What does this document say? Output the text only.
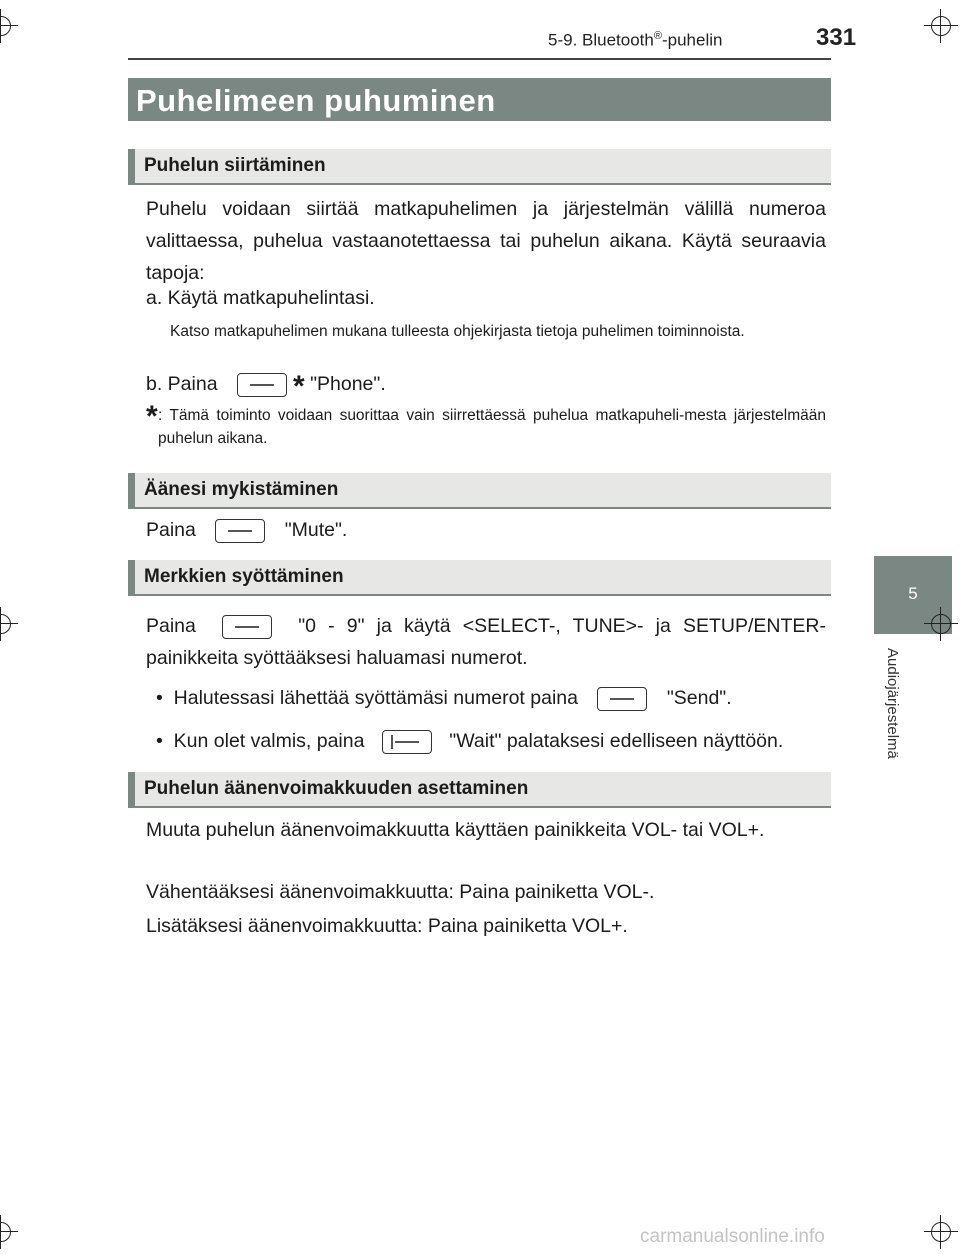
5-9. Bluetooth®-puhelin	331
Puhelimeen puhuminen
Puhelun siirtäminen
Puhelu voidaan siirtää matkapuhelimen ja järjestelmän välillä numeroa valittaessa, puhelua vastaanotettaessa tai puhelun aikana. Käytä seuraavia tapoja:
a. Käytä matkapuhelintasi.
Katso matkapuhelimen mukana tulleesta ohjekirjasta tietoja puhelimen toiminnoista.
b. Paina	* "Phone".
* : Tämä toiminto voidaan suorittaa vain siirrettäessä puhelua matkapuheli-mesta järjestelmään puhelun aikana.
Äänesi mykistäminen
Paina	"Mute".
Merkkien syöttäminen
Paina	"0 - 9" ja käytä <SELECT-, TUNE>- ja SETUP/ENTER-painikkeita syöttääksesi haluamasi numerot.
•  Halutessasi lähettää syöttämäsi numerot paina	"Send".
•  Kun olet valmis, paina	"Wait" palataksesi edelliseen näyttöön.
Puhelun äänenvoimakkuuden asettaminen
Muuta puhelun äänenvoimakkuutta käyttäen painikkeita VOL- tai VOL+.
Vähentääksesi äänenvoimakkuutta: Paina painiketta VOL-.
Lisätäksesi äänenvoimakkuutta: Paina painiketta VOL+.
5
Audiojärjestelmä
carmanualsonline.info
